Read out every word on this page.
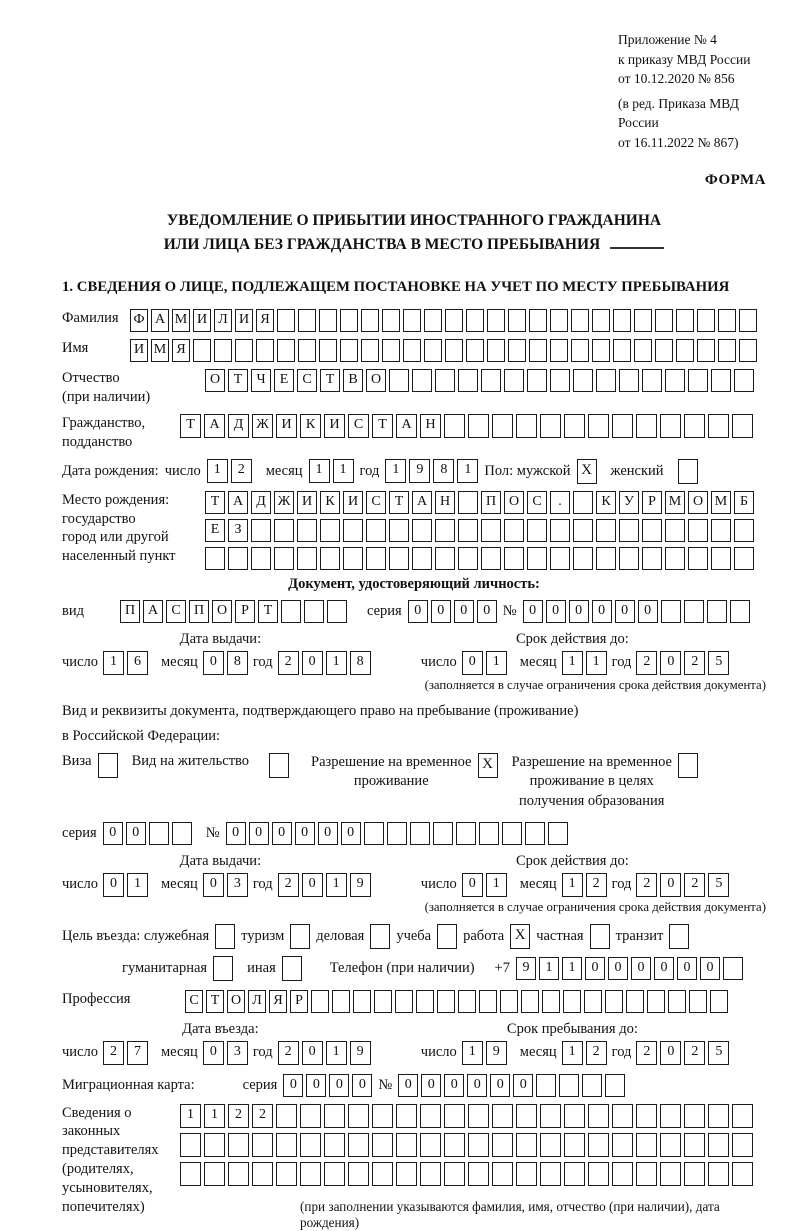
Приложение № 4
к приказу МВД России
от 10.12.2020 № 856
(в ред. Приказа МВД России
от 16.11.2022 № 867)
ФОРМА
УВЕДОМЛЕНИЕ О ПРИБЫТИИ ИНОСТРАННОГО ГРАЖДАНИНА
ИЛИ ЛИЦА БЕЗ ГРАЖДАНСТВА В МЕСТО ПРЕБЫВАНИЯ
1. СВЕДЕНИЯ О ЛИЦЕ, ПОДЛЕЖАЩЕМ ПОСТАНОВКЕ НА УЧЕТ ПО МЕСТУ ПРЕБЫВАНИЯ
Фамилия	Ф А М И Л И Я
Имя	И М Я
Отчество
(при наличии)
О Т	Ч	Е	С	Т	В О
Гражданство,
подданство
Т	А	Д Ж И	К	И	С	Т	А Н
Дата рождения: число 1	2	месяц 1	1 год 1	9	8	1 Пол: мужской X	женский
Место рождения:
государство
город или другой
населенный пункт
Т А Д Ж И К И С	Т А Н	П О С	.	К У	Р М О М Б
Е	З
Документ, удостоверяющий личность:
вид	П А С П О	Р	Т	серия 0	0	0	0 № 0	0	0	0	0	0
Дата выдачи:	Срок действия до:
число 1	6	месяц 0	8 год 2	0	1	8	число 0	1	месяц 1	1 год 2	0	2	5
(заполняется в случае ограничения срока действия документа)
Вид и реквизиты документа, подтверждающего право на пребывание (проживание)
в Российской Федерации:
Виза	Вид на жительство	Разрешение на временное
проживание
X	Разрешение на временное
проживание в целях
получения образования
серия 0	0	№ 0	0	0	0	0	0
Дата выдачи:	Срок действия до:
число 0	1	месяц 0	3 год 2	0	1	9	число 0	1	месяц 1	2 год 2	0	2	5
(заполняется в случае ограничения срока действия документа)
Цель въезда: служебная туризм деловая учеба работа X частная транзит
гуманитарная	иная	Телефон (при наличии) +7 9	1	1	0	0	0	0	0	0
Профессия	С Т О Л Я Р
Дата въезда:	Срок пребывания до:
число 2	7	месяц 0	3 год 2	0	1	9	число 1	9	месяц 1	2 год 2	0	2	5
Миграционная карта:	серия 0	0	0	0 № 0	0	0	0	0	0
Сведения о
законных
представителях
(родителях,
усыновителях,
попечителях)
1	1	2	2
(при заполнении указываются фамилия, имя, отчество (при наличии), дата рождения)
